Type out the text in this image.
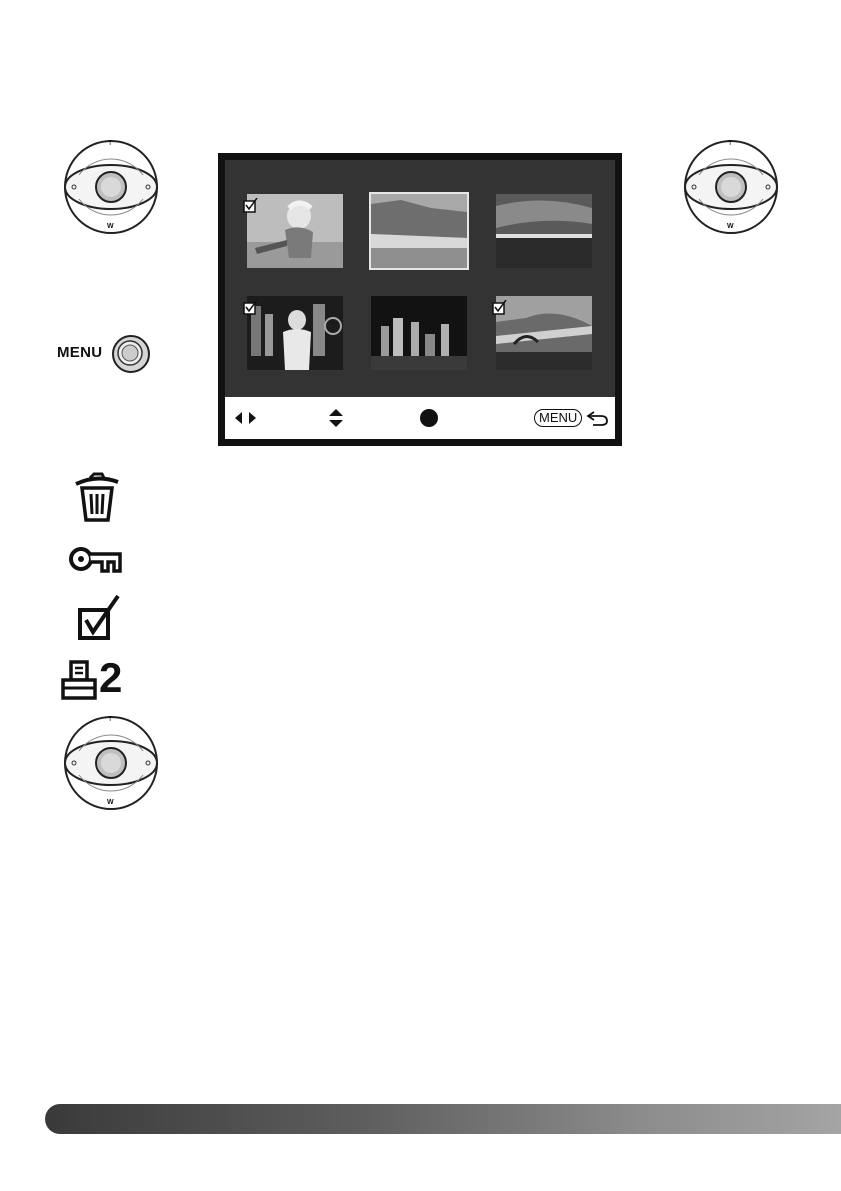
T
W
T
W
MENU
MENU
2
T
W
